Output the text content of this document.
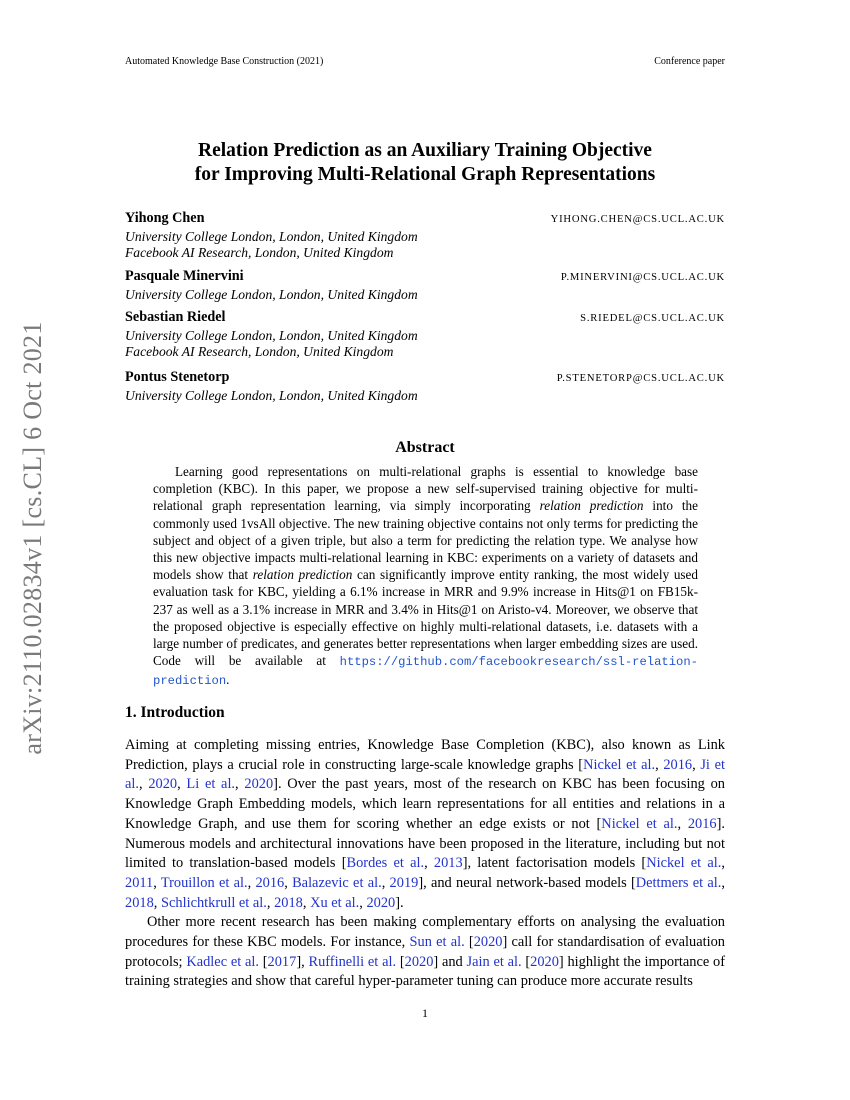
Automated Knowledge Base Construction (2021)	Conference paper
arXiv:2110.02834v1 [cs.CL] 6 Oct 2021
Relation Prediction as an Auxiliary Training Objective
for Improving Multi-Relational Graph Representations
Yihong Chen	YIHONG.CHEN@CS.UCL.AC.UK
University College London, London, United Kingdom
Facebook AI Research, London, United Kingdom
Pasquale Minervini	P.MINERVINI@CS.UCL.AC.UK
University College London, London, United Kingdom
Sebastian Riedel	S.RIEDEL@CS.UCL.AC.UK
University College London, London, United Kingdom
Facebook AI Research, London, United Kingdom
Pontus Stenetorp	P.STENETORP@CS.UCL.AC.UK
University College London, London, United Kingdom
Abstract

Learning good representations on multi-relational graphs is essential to knowledge base completion (KBC). In this paper, we propose a new self-supervised training objective for multi-relational graph representation learning, via simply incorporating relation prediction into the commonly used 1vsAll objective. The new training objective contains not only terms for predicting the subject and object of a given triple, but also a term for predicting the relation type. We analyse how this new objective impacts multi-relational learning in KBC: experiments on a variety of datasets and models show that relation prediction can significantly improve entity ranking, the most widely used evaluation task for KBC, yielding a 6.1% increase in MRR and 9.9% increase in Hits@1 on FB15k-237 as well as a 3.1% increase in MRR and 3.4% in Hits@1 on Aristo-v4. Moreover, we observe that the proposed objective is especially effective on highly multi-relational datasets, i.e. datasets with a large number of predicates, and generates better representations when larger embedding sizes are used. Code will be available at https://github.com/facebookresearch/ssl-relation-prediction.

1. Introduction

Aiming at completing missing entries, Knowledge Base Completion (KBC), also known as Link Prediction, plays a crucial role in constructing large-scale knowledge graphs [Nickel et al., 2016, Ji et al., 2020, Li et al., 2020]. Over the past years, most of the research on KBC has been focusing on Knowledge Graph Embedding models, which learn representations for all entities and relations in a Knowledge Graph, and use them for scoring whether an edge exists or not [Nickel et al., 2016]. Numerous models and architectural innovations have been proposed in the literature, including but not limited to translation-based models [Bordes et al., 2013], latent factorisation models [Nickel et al., 2011, Trouillon et al., 2016, Balazevic et al., 2019], and neural network-based models [Dettmers et al., 2018, Schlichtkrull et al., 2018, Xu et al., 2020].

Other more recent research has been making complementary efforts on analysing the evaluation procedures for these KBC models. For instance, Sun et al. [2020] call for standardisation of evaluation protocols; Kadlec et al. [2017], Ruffinelli et al. [2020] and Jain et al. [2020] highlight the importance of training strategies and show that careful hyper-parameter tuning can produce more accurate results

1
